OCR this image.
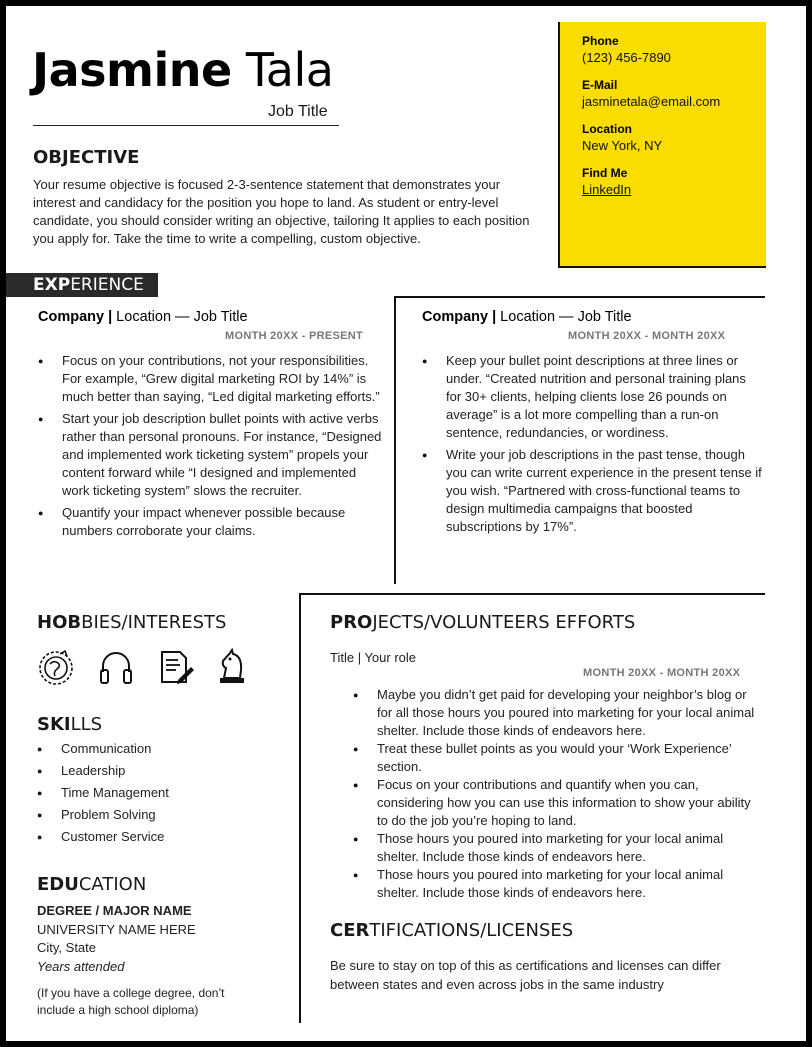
Jasmine Tala
Job Title
Phone
(123) 456-7890
E-Mail
jasminetala@email.com
Location
New York, NY
Find Me
LinkedIn
OBJECTIVE
Your resume objective is focused 2-3-sentence statement that demonstrates your interest and candidacy for the position you hope to land. As student or entry-level candidate, you should consider writing an objective, tailoring It applies to each position you apply for. Take the time to write a compelling, custom objective.
EXPERIENCE
Company | Location — Job Title
MONTH 20XX - PRESENT
● Focus on your contributions, not your responsibilities. For example, “Grew digital marketing ROI by 14%” is much better than saying, “Led digital marketing efforts.”
● Start your job description bullet points with active verbs rather than personal pronouns. For instance, “Designed and implemented work ticketing system” propels your content forward while “I designed and implemented work ticketing system” slows the recruiter.
● Quantify your impact whenever possible because numbers corroborate your claims.
Company | Location — Job Title
MONTH 20XX - MONTH 20XX
● Keep your bullet point descriptions at three lines or under. “Created nutrition and personal training plans for 30+ clients, helping clients lose 26 pounds on average” is a lot more compelling than a run-on sentence, redundancies, or wordiness.
● Write your job descriptions in the past tense, though you can write current experience in the present tense if you wish. “Partnered with cross-functional teams to design multimedia campaigns that boosted subscriptions by 17%”.
HOBBIES/INTERESTS
SKILLS
● Communication
● Leadership
● Time Management
● Problem Solving
● Customer Service
EDUCATION
DEGREE / MAJOR NAME
UNIVERSITY NAME HERE
City, State
Years attended
(If you have a college degree, don’t include a high school diploma)
PROJECTS/VOLUNTEERS EFFORTS
Title | Your role
MONTH 20XX - MONTH 20XX
● Maybe you didn’t get paid for developing your neighbor’s blog or for all those hours you poured into marketing for your local animal shelter. Include those kinds of endeavors here.
● Treat these bullet points as you would your ‘Work Experience’ section.
● Focus on your contributions and quantify when you can, considering how you can use this information to show your ability to do the job you’re hoping to land.
● Those hours you poured into marketing for your local animal shelter. Include those kinds of endeavors here.
● Those hours you poured into marketing for your local animal shelter. Include those kinds of endeavors here.
CERTIFICATIONS/LICENSES
Be sure to stay on top of this as certifications and licenses can differ between states and even across jobs in the same industry
